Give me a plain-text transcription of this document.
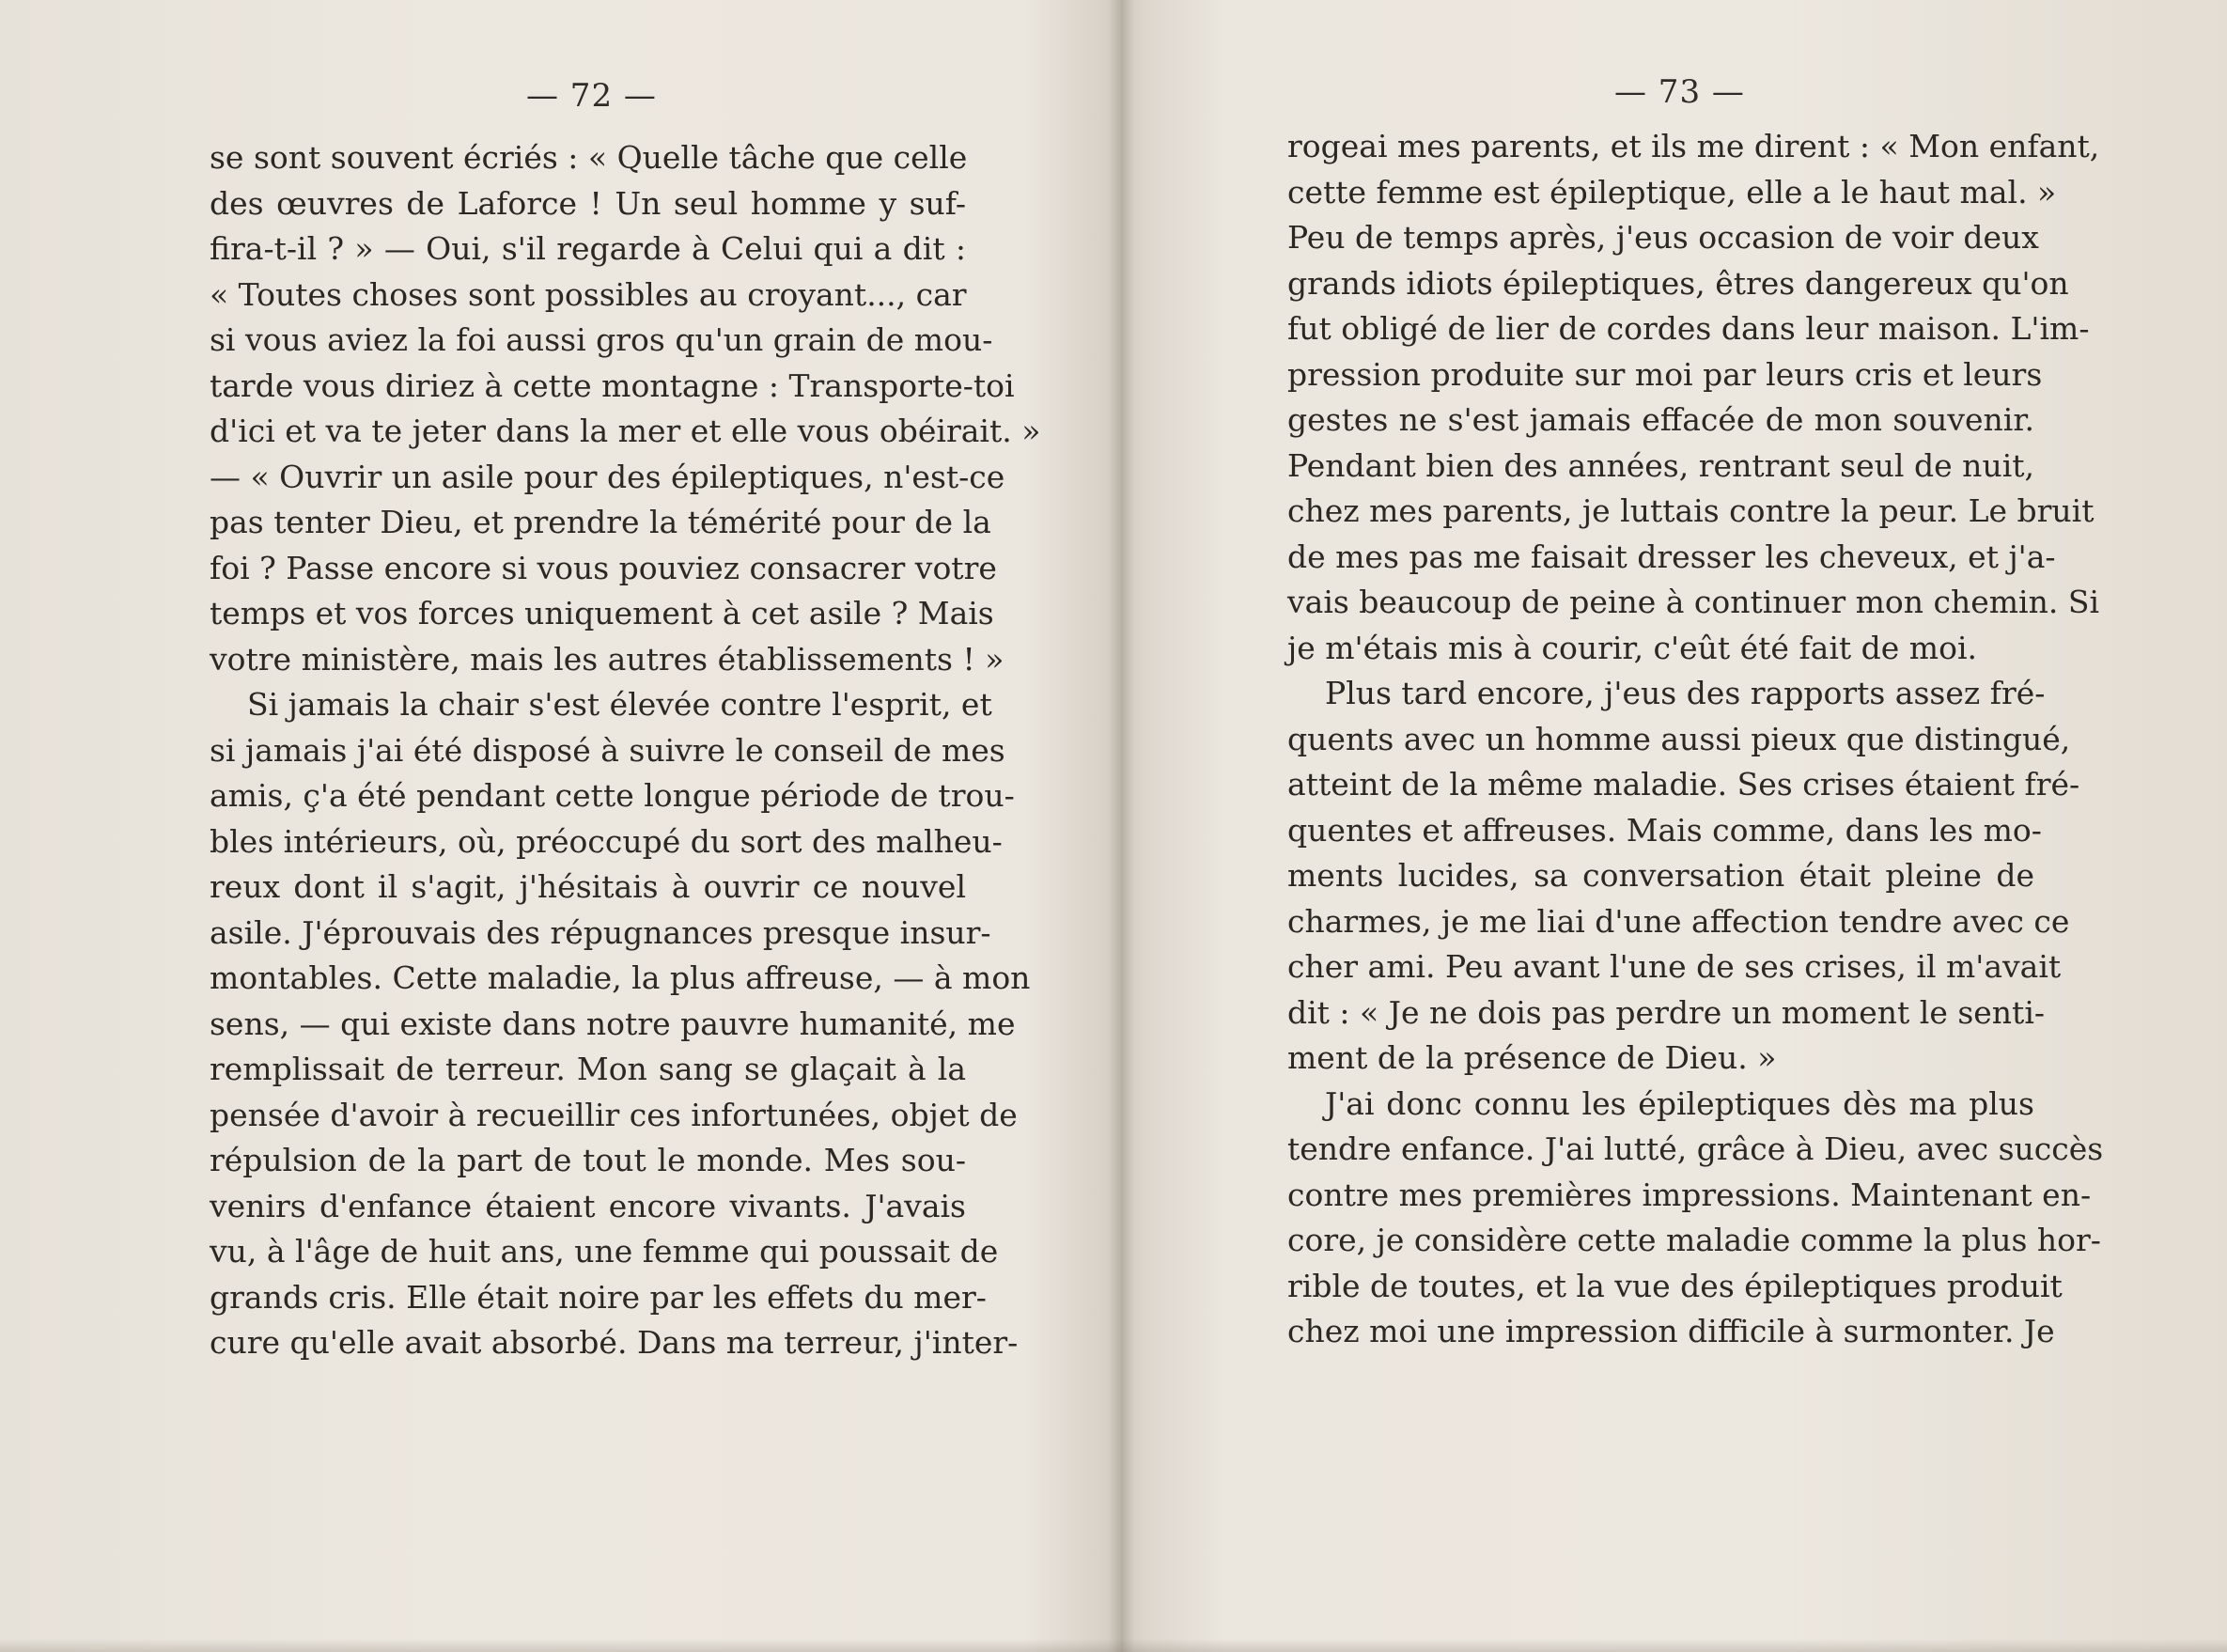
— 72 —
se sont souvent écriés : « Quelle tâche que celle
des œuvres de Laforce ! Un seul homme y suf-
fira-t-il ? » — Oui, s'il regarde à Celui qui a dit :
« Toutes choses sont possibles au croyant..., car
si vous aviez la foi aussi gros qu'un grain de mou-
tarde vous diriez à cette montagne : Transporte-toi
d'ici et va te jeter dans la mer et elle vous obéirait. »
— « Ouvrir un asile pour des épileptiques, n'est-ce
pas tenter Dieu, et prendre la témérité pour de la
foi ? Passe encore si vous pouviez consacrer votre
temps et vos forces uniquement à cet asile ? Mais
votre ministère, mais les autres établissements ! »
Si jamais la chair s'est élevée contre l'esprit, et
si jamais j'ai été disposé à suivre le conseil de mes
amis, ç'a été pendant cette longue période de trou-
bles intérieurs, où, préoccupé du sort des malheu-
reux dont il s'agit, j'hésitais à ouvrir ce nouvel
asile. J'éprouvais des répugnances presque insur-
montables. Cette maladie, la plus affreuse, — à mon
sens, — qui existe dans notre pauvre humanité, me
remplissait de terreur. Mon sang se glaçait à la
pensée d'avoir à recueillir ces infortunées, objet de
répulsion de la part de tout le monde. Mes sou-
venirs d'enfance étaient encore vivants. J'avais
vu, à l'âge de huit ans, une femme qui poussait de
grands cris. Elle était noire par les effets du mer-
cure qu'elle avait absorbé. Dans ma terreur, j'inter-
— 73 —
rogeai mes parents, et ils me dirent : « Mon enfant,
cette femme est épileptique, elle a le haut mal. »
Peu de temps après, j'eus occasion de voir deux
grands idiots épileptiques, êtres dangereux qu'on
fut obligé de lier de cordes dans leur maison. L'im-
pression produite sur moi par leurs cris et leurs
gestes ne s'est jamais effacée de mon souvenir.
Pendant bien des années, rentrant seul de nuit,
chez mes parents, je luttais contre la peur. Le bruit
de mes pas me faisait dresser les cheveux, et j'a-
vais beaucoup de peine à continuer mon chemin. Si
je m'étais mis à courir, c'eût été fait de moi.
Plus tard encore, j'eus des rapports assez fré-
quents avec un homme aussi pieux que distingué,
atteint de la même maladie. Ses crises étaient fré-
quentes et affreuses. Mais comme, dans les mo-
ments lucides, sa conversation était pleine de
charmes, je me liai d'une affection tendre avec ce
cher ami. Peu avant l'une de ses crises, il m'avait
dit : « Je ne dois pas perdre un moment le senti-
ment de la présence de Dieu. »
J'ai donc connu les épileptiques dès ma plus
tendre enfance. J'ai lutté, grâce à Dieu, avec succès
contre mes premières impressions. Maintenant en-
core, je considère cette maladie comme la plus hor-
rible de toutes, et la vue des épileptiques produit
chez moi une impression difficile à surmonter. Je
